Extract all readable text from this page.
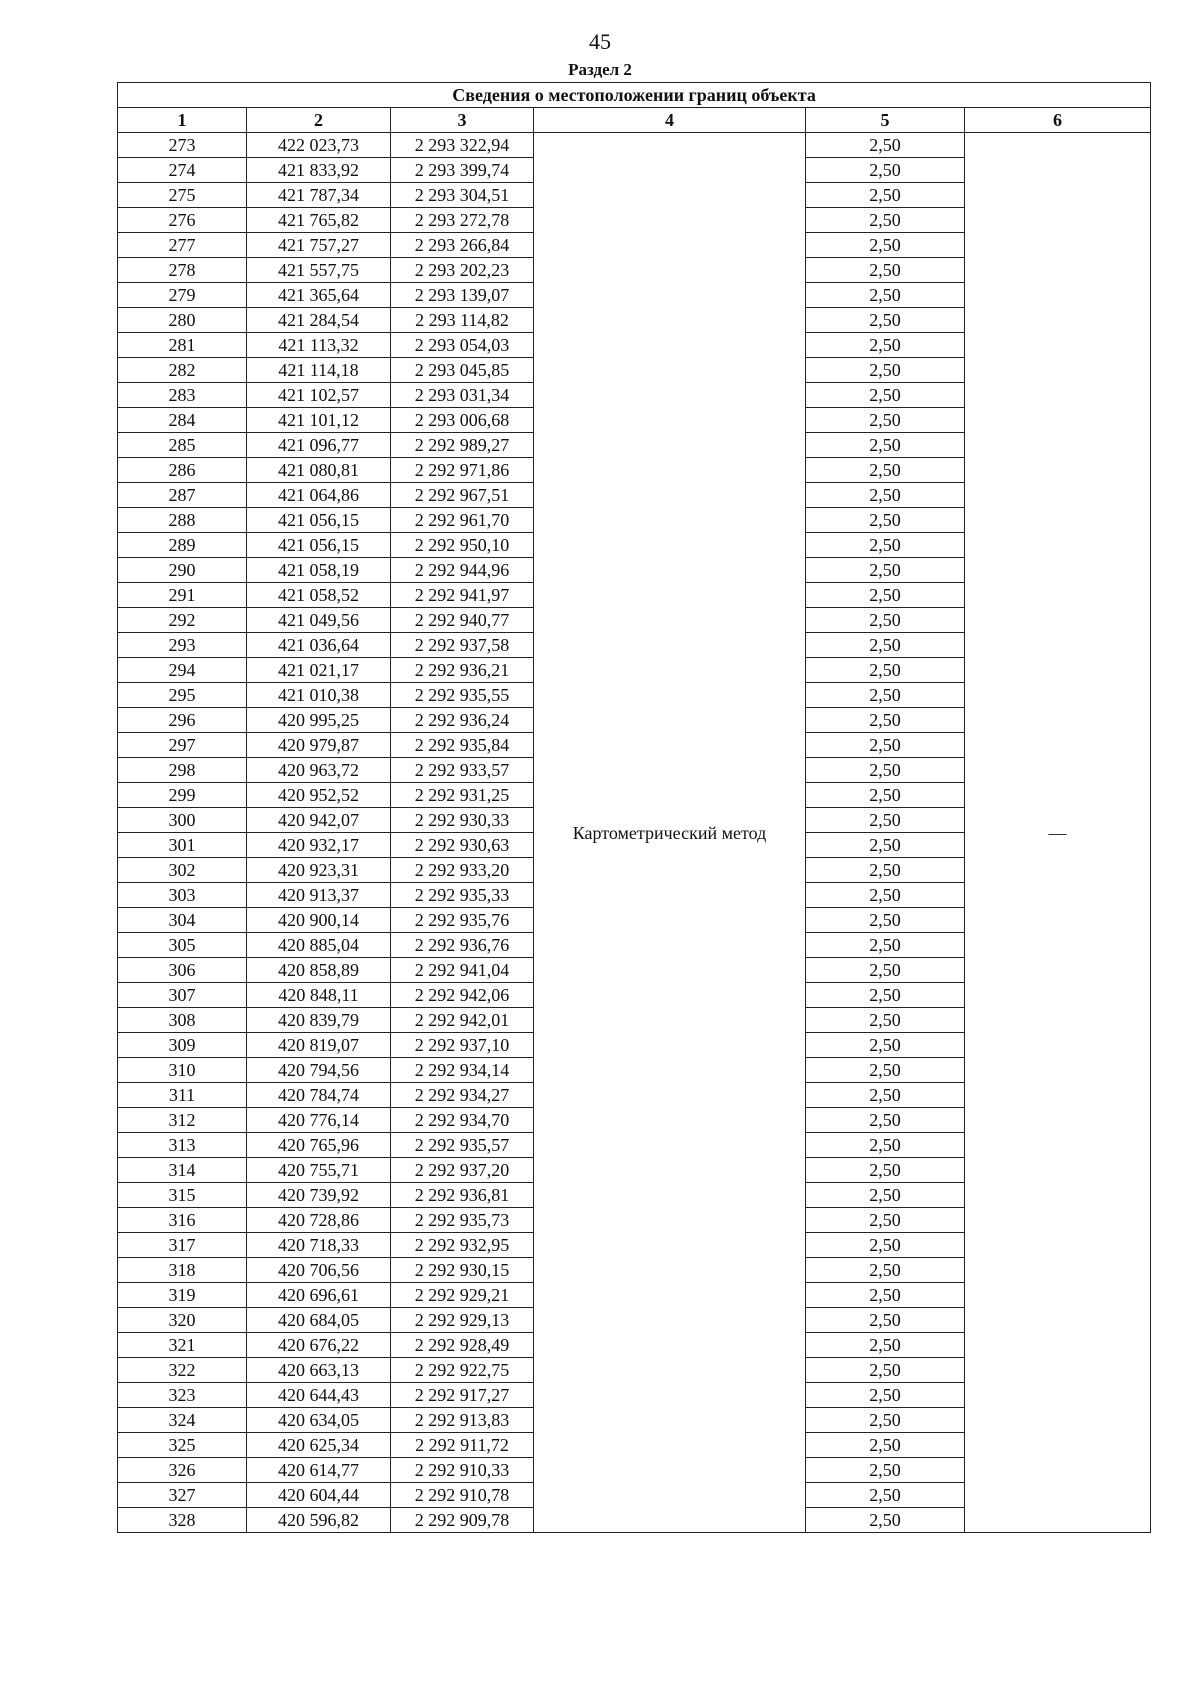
45
Раздел 2
Сведения о местоположении границ объекта					
1	2	3	4	5	6
273	422 023,73	2 293 322,94	Картометрический метод	2,50	—
274	421 833,92	2 293 399,74		2,50	
275	421 787,34	2 293 304,51		2,50	
276	421 765,82	2 293 272,78		2,50	
277	421 757,27	2 293 266,84		2,50	
278	421 557,75	2 293 202,23		2,50	
279	421 365,64	2 293 139,07		2,50	
280	421 284,54	2 293 114,82		2,50	
281	421 113,32	2 293 054,03		2,50	
282	421 114,18	2 293 045,85		2,50	
283	421 102,57	2 293 031,34		2,50	
284	421 101,12	2 293 006,68		2,50	
285	421 096,77	2 292 989,27		2,50	
286	421 080,81	2 292 971,86		2,50	
287	421 064,86	2 292 967,51		2,50	
288	421 056,15	2 292 961,70		2,50	
289	421 056,15	2 292 950,10		2,50	
290	421 058,19	2 292 944,96		2,50	
291	421 058,52	2 292 941,97		2,50	
292	421 049,56	2 292 940,77		2,50	
293	421 036,64	2 292 937,58		2,50	
294	421 021,17	2 292 936,21		2,50	
295	421 010,38	2 292 935,55		2,50	
296	420 995,25	2 292 936,24		2,50	
297	420 979,87	2 292 935,84		2,50	
298	420 963,72	2 292 933,57		2,50	
299	420 952,52	2 292 931,25		2,50	
300	420 942,07	2 292 930,33		2,50	
301	420 932,17	2 292 930,63		2,50	
302	420 923,31	2 292 933,20		2,50	
303	420 913,37	2 292 935,33		2,50	
304	420 900,14	2 292 935,76		2,50	
305	420 885,04	2 292 936,76		2,50	
306	420 858,89	2 292 941,04		2,50	
307	420 848,11	2 292 942,06		2,50	
308	420 839,79	2 292 942,01		2,50	
309	420 819,07	2 292 937,10		2,50	
310	420 794,56	2 292 934,14		2,50	
311	420 784,74	2 292 934,27		2,50	
312	420 776,14	2 292 934,70		2,50	
313	420 765,96	2 292 935,57		2,50	
314	420 755,71	2 292 937,20		2,50	
315	420 739,92	2 292 936,81		2,50	
316	420 728,86	2 292 935,73		2,50	
317	420 718,33	2 292 932,95		2,50	
318	420 706,56	2 292 930,15		2,50	
319	420 696,61	2 292 929,21		2,50	
320	420 684,05	2 292 929,13		2,50	
321	420 676,22	2 292 928,49		2,50	
322	420 663,13	2 292 922,75		2,50	
323	420 644,43	2 292 917,27		2,50	
324	420 634,05	2 292 913,83		2,50	
325	420 625,34	2 292 911,72		2,50	
326	420 614,77	2 292 910,33		2,50	
327	420 604,44	2 292 910,78		2,50	
328	420 596,82	2 292 909,78		2,50	
